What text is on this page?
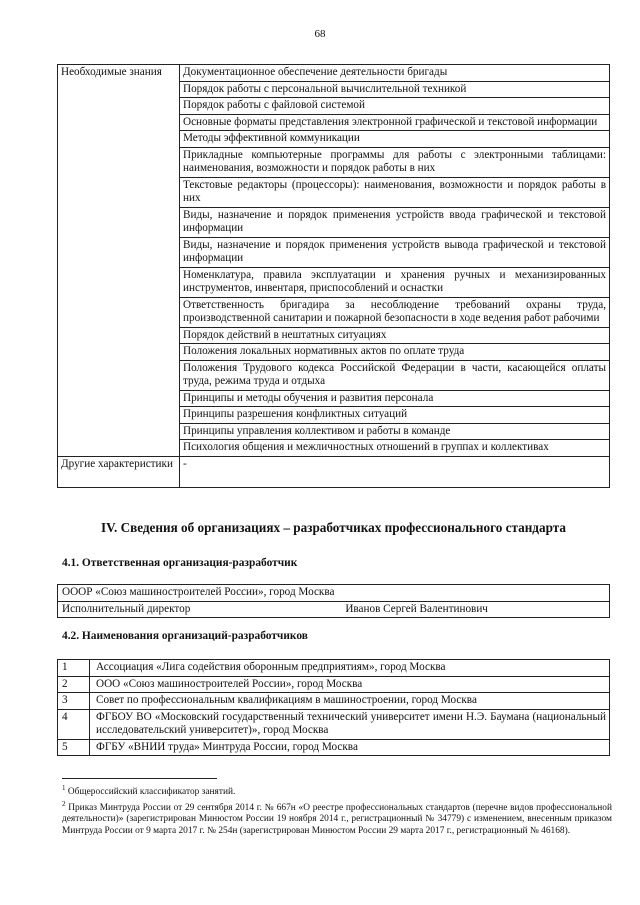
68
Необходимые знания	Документационное обеспечение деятельности бригады
	Порядок работы с персональной вычислительной техникой
	Порядок работы с файловой системой
	Основные форматы представления электронной графической и текстовой информации
	Методы эффективной коммуникации
	Прикладные компьютерные программы для работы с электронными таблицами: наименования, возможности и порядок работы в них
	Текстовые редакторы (процессоры): наименования, возможности и порядок работы в них
	Виды, назначение и порядок применения устройств ввода графической и текстовой информации
	Виды, назначение и порядок применения устройств вывода графической и текстовой информации
	Номенклатура, правила эксплуатации и хранения ручных и механизированных инструментов, инвентаря, приспособлений и оснастки
	Ответственность бригадира за несоблюдение требований охраны труда, производственной санитарии и пожарной безопасности в ходе ведения работ рабочими
	Порядок действий в нештатных ситуациях
	Положения локальных нормативных актов по оплате труда
	Положения Трудового кодекса Российской Федерации в части, касающейся оплаты труда, режима труда и отдыха
	Принципы и методы обучения и развития персонала
	Принципы разрешения конфликтных ситуаций
	Принципы управления коллективом и работы в команде
	Психология общения и межличностных отношений в группах и коллективах
Другие характеристики	-
IV. Сведения об организациях – разработчиках профессионального стандарта
4.1. Ответственная организация-разработчик
ОООР «Союз машиностроителей России», город Москва
Исполнительный директор	Иванов Сергей Валентинович
4.2. Наименования организаций-разработчиков
1	Ассоциация «Лига содействия оборонным предприятиям», город Москва
2	ООО «Союз машиностроителей России», город Москва
3	Совет по профессиональным квалификациям в машиностроении, город Москва
4	ФГБОУ ВО «Московский государственный технический университет имени Н.Э. Баумана (национальный исследовательский университет)», город Москва
5	ФГБУ «ВНИИ труда» Минтруда России, город Москва

$^1$ Общероссийский классификатор занятий.

$^2$ Приказ Минтруда России от 29 сентября 2014 г. № 667н «О реестре профессиональных стандартов (перечне видов профессиональной деятельности)» (зарегистрирован Минюстом России 19 ноября 2014 г., регистрационный № 34779) с изменением, внесенным приказом Минтруда России от 9 марта 2017 г. № 254н (зарегистрирован Минюстом России 29 марта 2017 г., регистрационный № 46168).
